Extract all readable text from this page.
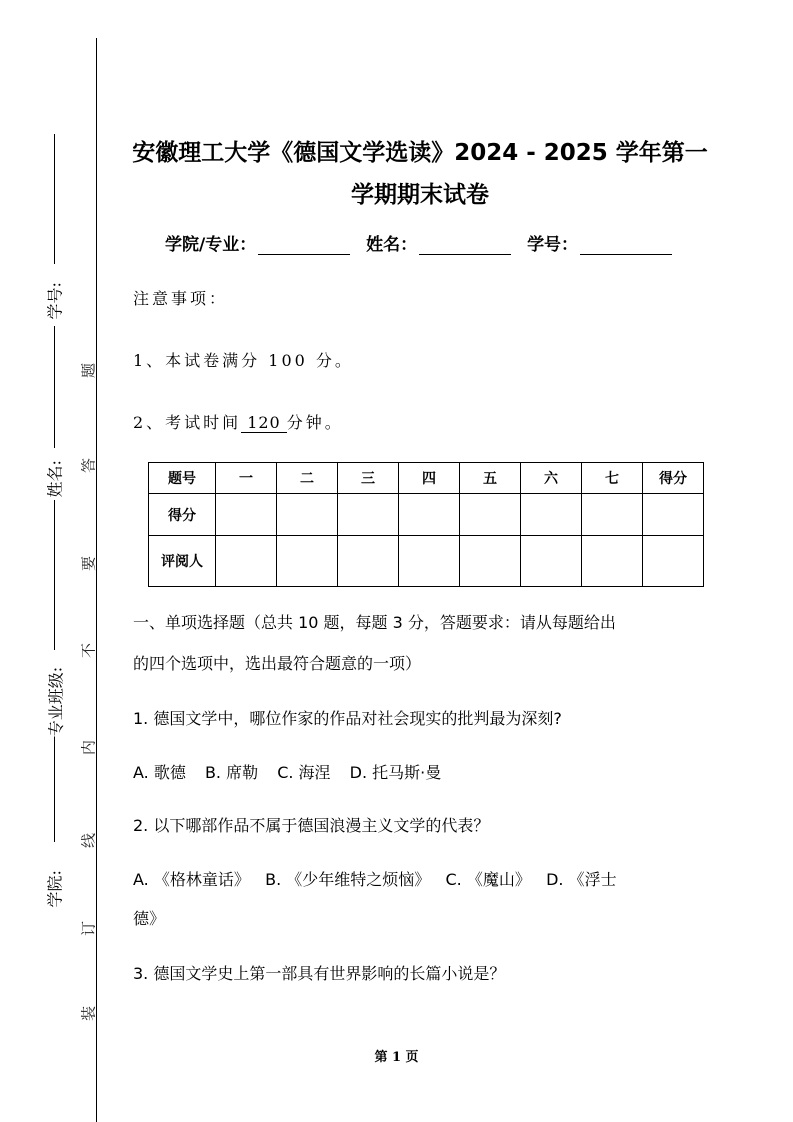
学号:
姓名:
专业班级:
学院:
题
答
要
不
内
线
订
装
安徽理工大学《德国文学选读》2024 - 2025 学年第一
学期期末试卷
学院/专业：	姓名：	学号：
注意事项：
1、本试卷满分 100 分。
2、考试时间 120 分钟。
题号	一	二	三	四	五	六	七	得分
得分								
评阅人								
一、单项选择题（总共 10 题，每题 3 分，答题要求：请从每题给出
的四个选项中，选出最符合题意的一项）
1. 德国文学中，哪位作家的作品对社会现实的批判最为深刻?
A. 歌德 B. 席勒 C. 海涅 D. 托马斯·曼
2. 以下哪部作品不属于德国浪漫主义文学的代表？
A. 《格林童话》   B. 《少年维特之烦恼》   C. 《魔山》   D. 《浮士
德》
3. 德国文学史上第一部具有世界影响的长篇小说是？
第 1 页
